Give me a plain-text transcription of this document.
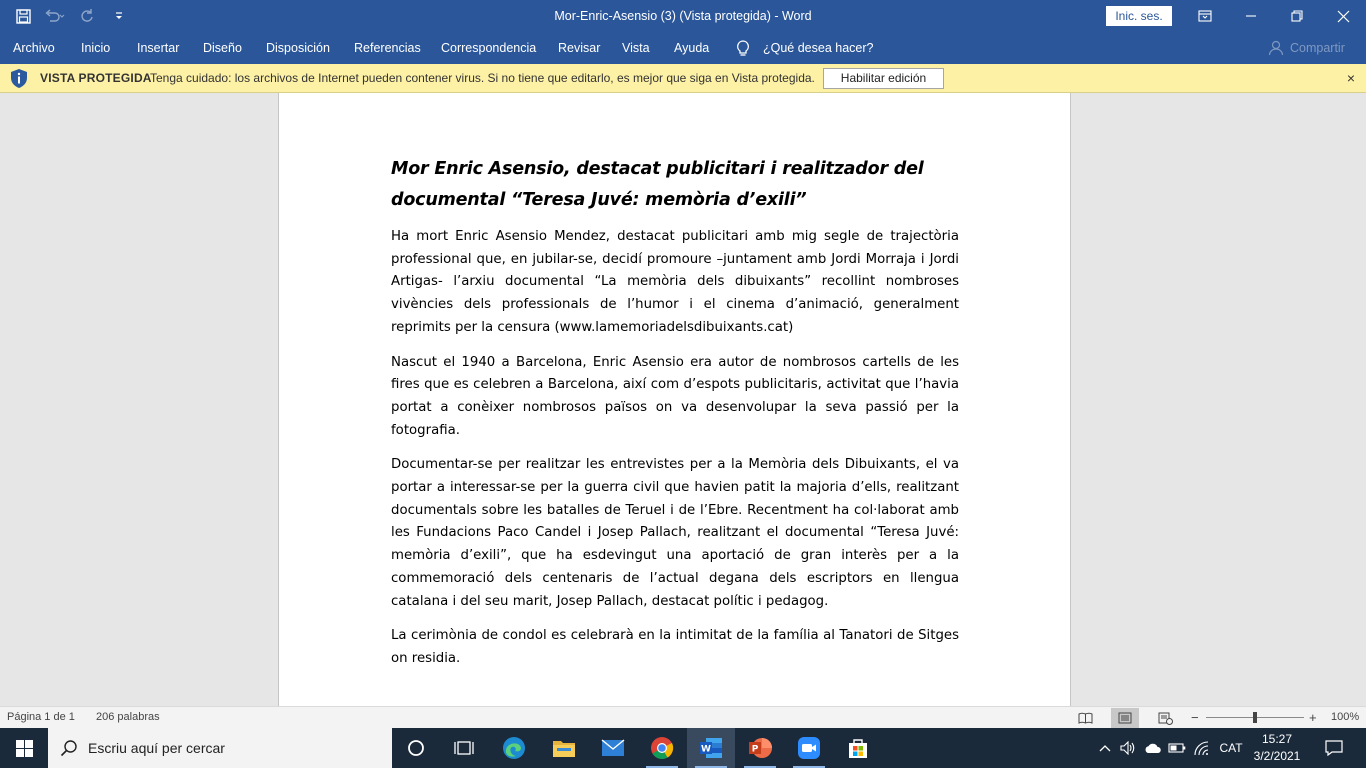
Mor-Enric-Asensio (3) (Vista protegida) - Word	Inic. ses.
Archivo Inicio Insertar Diseño Disposición Referencias Correspondencia Revisar Vista Ayuda	¿Qué desea hacer?	Compartir
VISTA PROTEGIDA
Tenga cuidado: los archivos de Internet pueden contener virus. Si no tiene que editarlo, es mejor que siga en Vista protegida.	Habilitar edición	×
Mor Enric Asensio, destacat publicitari i realitzador del documental “Teresa Juvé: memòria d’exili”

Ha mort Enric Asensio Mendez, destacat publicitari amb mig segle de trajectòria professional que, en jubilar-se, decidí promoure –juntament amb Jordi Morraja i Jordi Artigas- l’arxiu documental “La memòria dels dibuixants” recollint nombroses vivències dels professionals de l’humor i el cinema d’animació, generalment reprimits per la censura (www.lamemoriadelsdibuixants.cat)

Nascut el 1940 a Barcelona, Enric Asensio era autor de nombrosos cartells de les fires que es celebren a Barcelona, així com d’espots publicitaris, activitat que l’havia portat a conèixer nombrosos països on va desenvolupar la seva passió per la fotografia.

Documentar-se per realitzar les entrevistes per a la Memòria dels Dibuixants, el va portar a interessar-se per la guerra civil que havien patit la majoria d’ells, realitzant documentals sobre les batalles de Teruel i de l’Ebre. Recentment ha col·laborat amb les Fundacions Paco Candel i Josep Pallach, realitzant el documental “Teresa Juvé: memòria d’exili”, que ha esdevingut una aportació de gran interès per a la commemoració dels centenaris de l’actual degana dels escriptors en llengua catalana i del seu marit, Josep Pallach, destacat polític i pedagog.

La cerimònia de condol es celebrarà en la intimitat de la família al Tanatori de Sitges on residia.

Página 1 de 1 206 palabras	−	+ 100%
Escriu aquí per cercar	W	P	CAT
15:27
3/2/2021
